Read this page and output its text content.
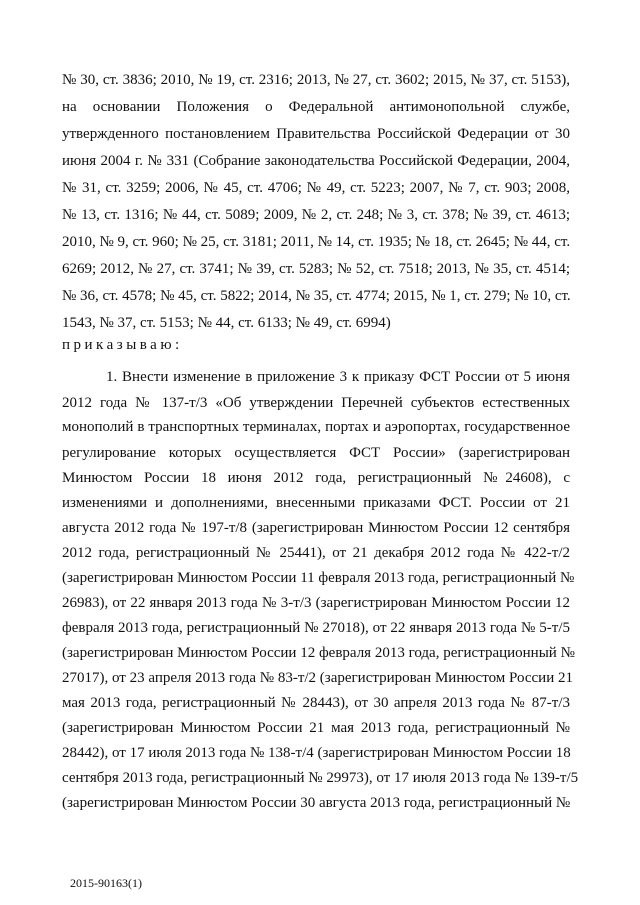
№ 30, ст. 3836; 2010, № 19, ст. 2316; 2013, № 27, ст. 3602; 2015, № 37, ст. 5153),
на основании Положения о Федеральной антимонопольной службе,
утвержденного постановлением Правительства Российской Федерации от 30
июня 2004 г. № 331 (Собрание законодательства Российской Федерации, 2004,
№ 31, ст. 3259; 2006, № 45, ст. 4706; № 49, ст. 5223; 2007, № 7, ст. 903; 2008,
№ 13, ст. 1316; № 44, ст. 5089; 2009, № 2, ст. 248; № 3, ст. 378; № 39, ст. 4613;
2010, № 9, ст. 960; № 25, ст. 3181; 2011, № 14, ст. 1935; № 18, ст. 2645; № 44, ст.
6269; 2012, № 27, ст. 3741; № 39, ст. 5283; № 52, ст. 7518; 2013, № 35, ст. 4514;
№ 36, ст. 4578; № 45, ст. 5822; 2014, № 35, ст. 4774; 2015, № 1, ст. 279; № 10, ст.
1543, № 37, ст. 5153; № 44, ст. 6133; № 49, ст. 6994)
приказываю:
1. Внести изменение в приложение 3 к приказу ФСТ России от 5 июня
2012 года № 137-т/3 «Об утверждении Перечней субъектов естественных
монополий в транспортных терминалах, портах и аэропортах, государственное
регулирование которых осуществляется ФСТ России» (зарегистрирован
Минюстом России 18 июня 2012 года, регистрационный №24608), с
изменениями и дополнениями, внесенными приказами ФСТ. России от 21
августа 2012 года № 197-т/8 (зарегистрирован Минюстом России 12 сентября
2012 года, регистрационный № 25441), от 21 декабря 2012 года № 422-т/2
(зарегистрирован Минюстом России 11 февраля 2013 года, регистрационный №
26983), от 22 января 2013 года № 3-т/3 (зарегистрирован Минюстом России 12
февраля 2013 года, регистрационный № 27018), от 22 января 2013 года № 5-т/5
(зарегистрирован Минюстом России 12 февраля 2013 года, регистрационный №
27017), от 23 апреля 2013 года № 83-т/2 (зарегистрирован Минюстом России 21
мая 2013 года, регистрационный № 28443), от 30 апреля 2013 года № 87-т/3
(зарегистрирован Минюстом России 21 мая 2013 года, регистрационный №
28442), от 17 июля 2013 года № 138-т/4 (зарегистрирован Минюстом России 18
сентября 2013 года, регистрационный № 29973), от 17 июля 2013 года № 139-т/5
(зарегистрирован Минюстом России 30 августа 2013 года, регистрационный №
2015-90163(1)
